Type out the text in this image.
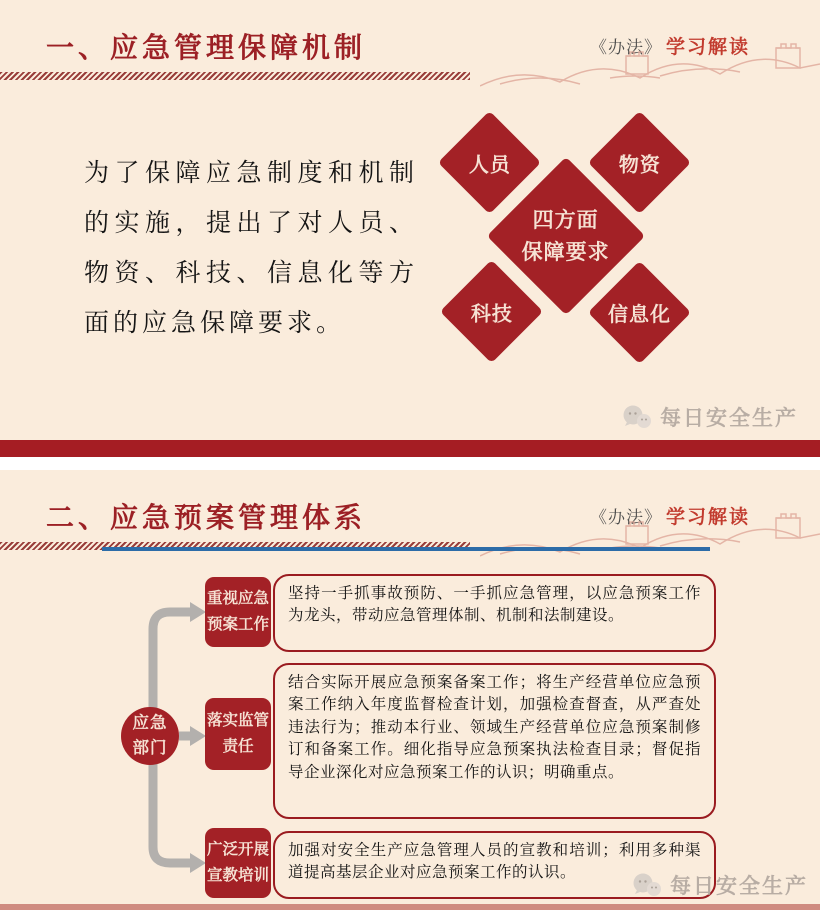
一、应急管理保障机制	《办法》 学习解读
为了保障应急制度和机制的实施，提出了对人员、物资、科技、信息化等方面的应急保障要求。
人员	物资
四方面
保障要求
科技	信息化
每日安全生产
二、应急预案管理体系	《办法》 学习解读
应急
部门
重视应急
预案工作
坚持一手抓事故预防、一手抓应急管理，以应急预案工作为龙头，带动应急管理体制、机制和法制建设。
落实监管
责任
结合实际开展应急预案备案工作；将生产经营单位应急预案工作纳入年度监督检查计划，加强检查督查，从严查处违法行为；推动本行业、领域生产经营单位应急预案制修订和备案工作。细化指导应急预案执法检查目录；督促指导企业深化对应急预案工作的认识；明确重点。
广泛开展
宣教培训
加强对安全生产应急管理人员的宣教和培训；利用多种渠道提高基层企业对应急预案工作的认识。
每日安全生产
